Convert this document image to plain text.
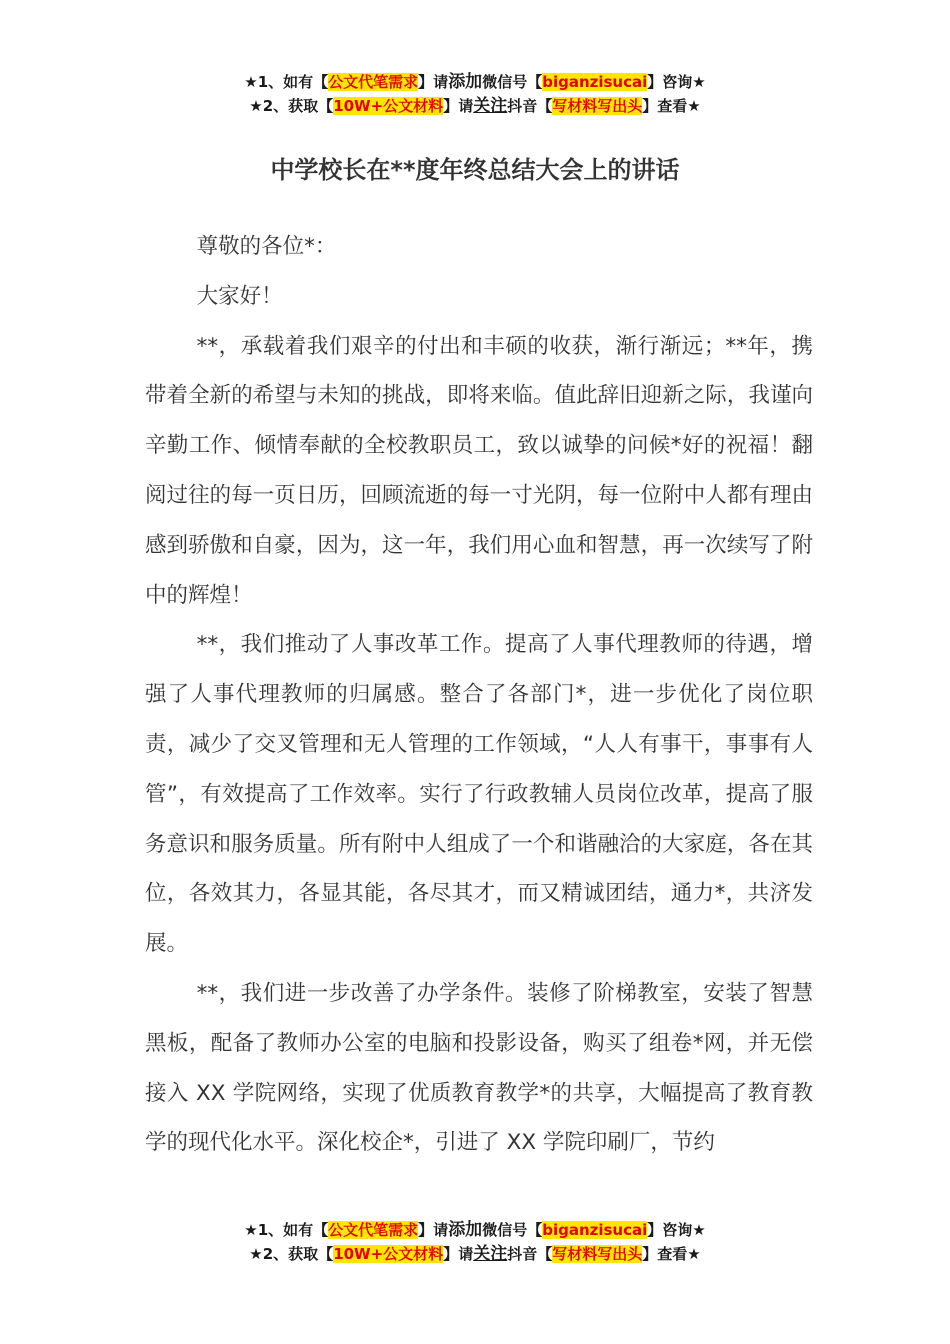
★1、如有【公文代笔需求】请添加微信号【biganzisucai】咨询★
★2、获取【10W+公文材料】请关注抖音【写材料写出头】查看★
中学校长在**度年终总结大会上的讲话

尊敬的各位*：

大家好！

**，承载着我们艰辛的付出和丰硕的收获，渐行渐远；**年，携带着全新的希望与未知的挑战，即将来临。值此辞旧迎新之际，我谨向辛勤工作、倾情奉献的全校教职员工，致以诚挚的问候*好的祝福！翻阅过往的每一页日历，回顾流逝的每一寸光阴，每一位附中人都有理由感到骄傲和自豪，因为，这一年，我们用心血和智慧，再一次续写了附中的辉煌！

**，我们推动了人事改革工作。提高了人事代理教师的待遇，增强了人事代理教师的归属感。整合了各部门*，进一步优化了岗位职责，减少了交叉管理和无人管理的工作领域，“人人有事干，事事有人管”，有效提高了工作效率。实行了行政教辅人员岗位改革，提高了服务意识和服务质量。所有附中人组成了一个和谐融洽的大家庭，各在其位，各效其力，各显其能，各尽其才，而又精诚团结，通力*，共济发展。

**，我们进一步改善了办学条件。装修了阶梯教室，安装了智慧黑板，配备了教师办公室的电脑和投影设备，购买了组卷*网，并无偿接入 XX 学院网络，实现了优质教育教学*的共享，大幅提高了教育教学的现代化水平。深化校企*，引进了 XX 学院印刷厂，节约

★1、如有【公文代笔需求】请添加微信号【biganzisucai】咨询★
★2、获取【10W+公文材料】请关注抖音【写材料写出头】查看★
